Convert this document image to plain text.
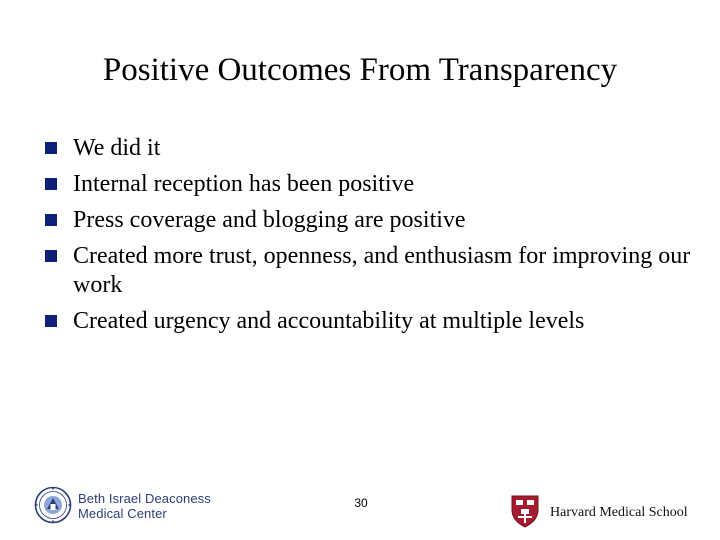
Positive Outcomes From Transparency
We did it
Internal reception has been positive
Press coverage and blogging are positive
Created more trust, openness, and enthusiasm for improving our work
Created urgency and accountability at multiple levels
Beth Israel Deaconess
Medical Center
30
Harvard Medical School
